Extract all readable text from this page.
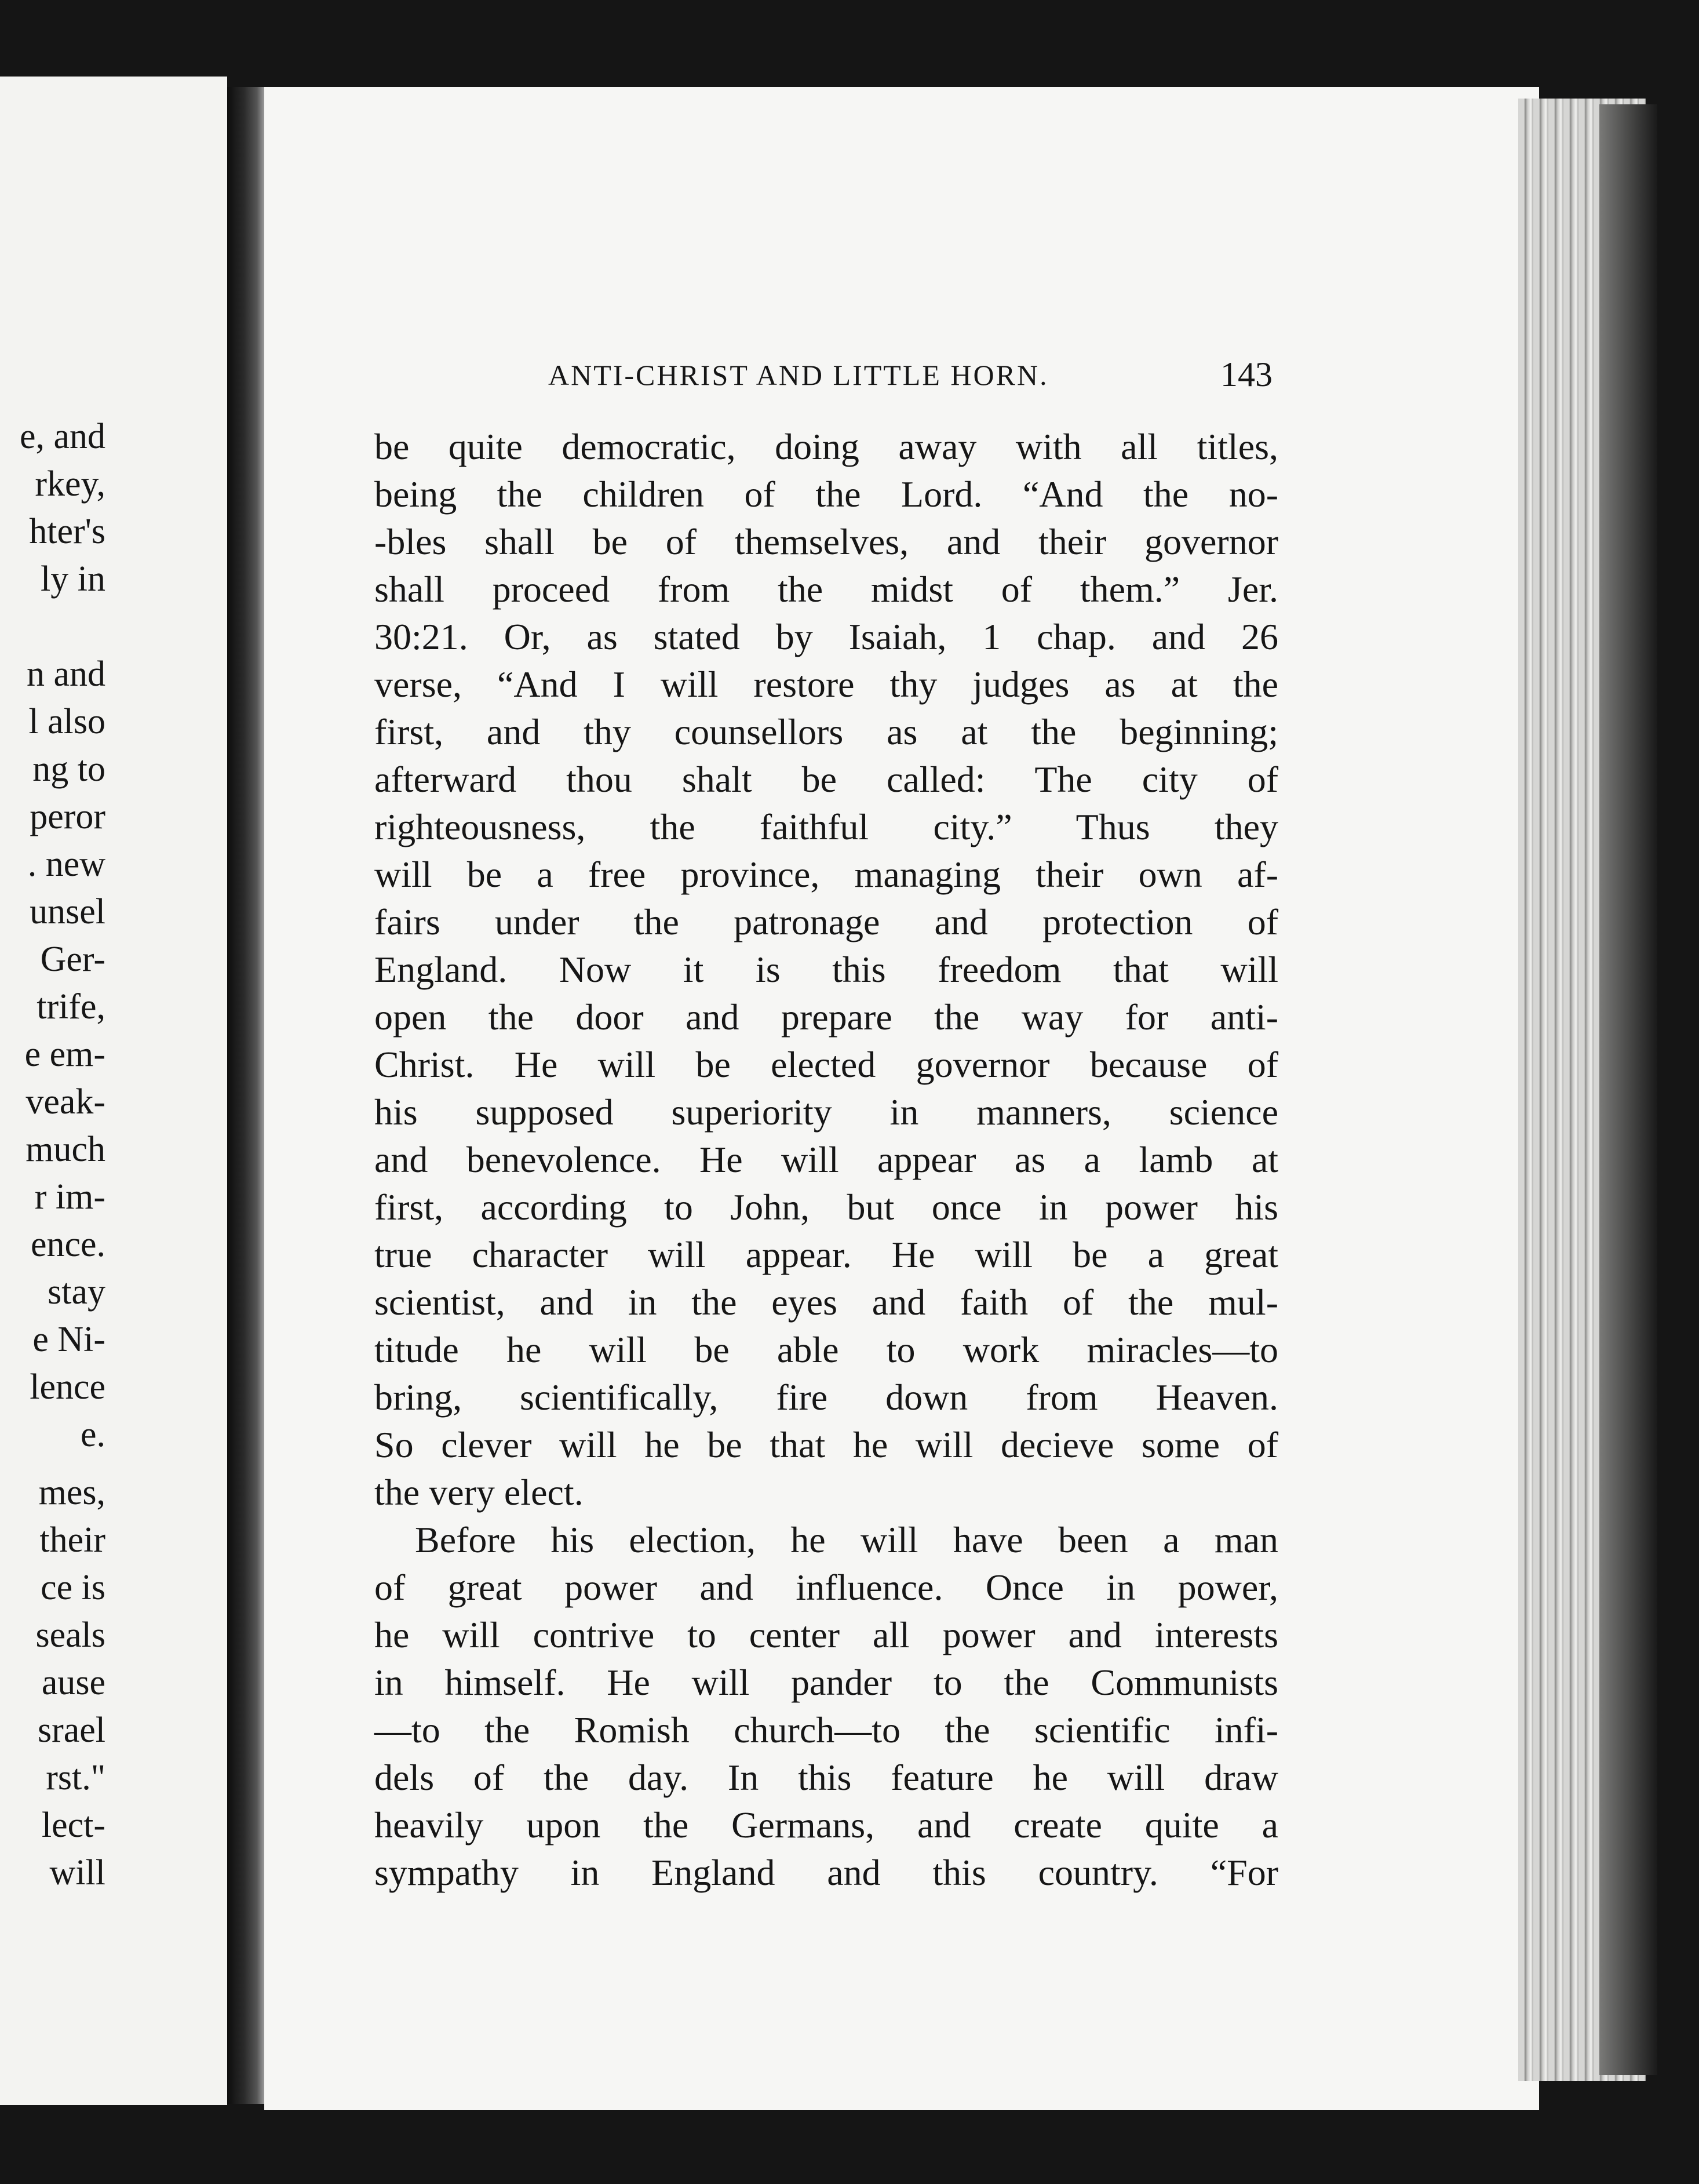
e, and
rkey,
hter's
ly in
n and
l also
ng to
peror
. new
unsel
Ger-
trife,
e em-
veak-
much
r im-
ence.
stay
e Ni-
lence
e.
mes,
their
ce is
seals
ause
srael
rst."
lect-
will
ANTI-CHRIST AND LITTLE HORN.	143
be quite democratic, doing away with all titles,
being the children of the Lord. “And the no-
-bles shall be of themselves, and their governor
shall proceed from the midst of them.” Jer.
30:21. Or, as stated by Isaiah, 1 chap. and 26
verse, “And I will restore thy judges as at the
first, and thy counsellors as at the beginning;
afterward thou shalt be called: The city of
righteousness, the faithful city.” Thus they
will be a free province, managing their own af-
fairs under the patronage and protection of
England. Now it is this freedom that will
open the door and prepare the way for anti-
Christ. He will be elected governor because of
his supposed superiority in manners, science
and benevolence. He will appear as a lamb at
first, according to John, but once in power his
true character will appear. He will be a great
scientist, and in the eyes and faith of the mul-
titude he will be able to work miracles—to
bring, scientifically, fire down from Heaven.
So clever will he be that he will decieve some of
the very elect.
Before his election, he will have been a man
of great power and influence. Once in power,
he will contrive to center all power and interests
in himself. He will pander to the Communists
—to the Romish church—to the scientific infi-
dels of the day. In this feature he will draw
heavily upon the Germans, and create quite a
sympathy in England and this country. “For
